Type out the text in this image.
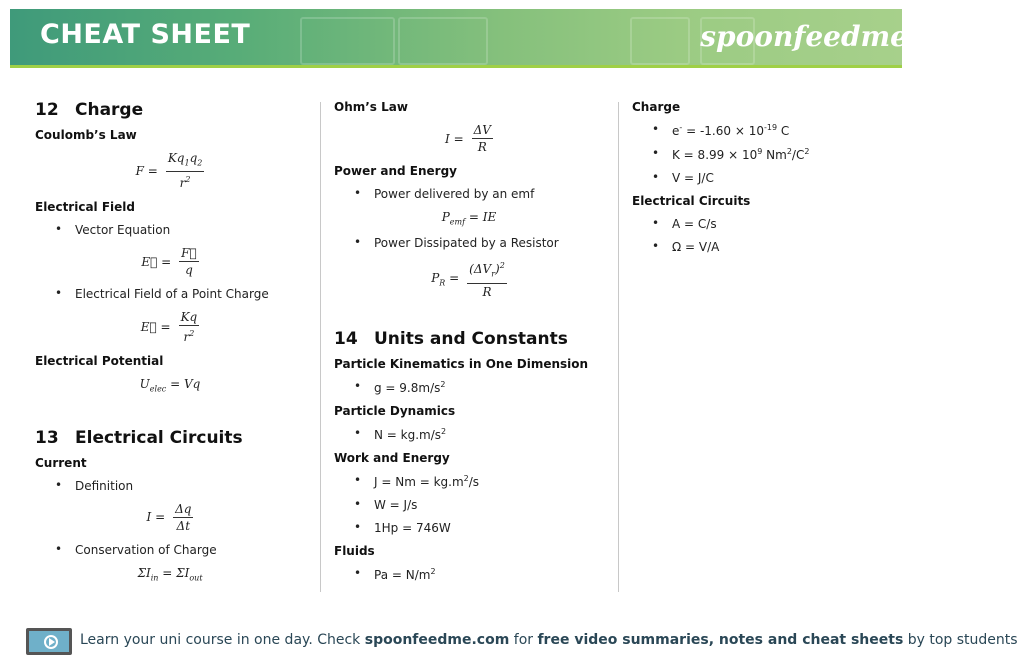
CHEAT SHEET	spoonfeedme
12 Charge
Coulomb’s Law
$F = \frac{Kq_1q_2}{r^2}$
Electrical Field
• Vector Equation
E⃗ = $\frac{F⃗}{q}$
• Electrical Field of a Point Charge
E⃗ = $\frac{Kq}{r^2}$
Electrical Potential
$U_{elec} = Vq$
13 Electrical Circuits
Current
• Definition
$I = \frac{\Delta q}{\Delta t}$
• Conservation of Charge
$\Sigma I_{in} = \Sigma I_{out}$
Ohm’s Law
$I = \frac{\Delta V}{R}$
Power and Energy
• Power delivered by an emf
$P_{emf}$ = IE
• Power Dissipated by a Resistor
$P_R = \frac{(\Delta V_r)^2}{R}$
14 Units and Constants
Particle Kinematics in One Dimension
• $g = 9.8m/s^2$
Particle Dynamics
• $N = kg.m/s^2$
Work and Energy
• $J = Nm = kg.m^2/s$
• W = J/s
• 1Hp = 746W
Fluids
• $Pa = N/m^2$
Charge
• $e^- = -1.60 \times 10^{-19}$ C
• $K = 8.99 \times 10^9$ $Nm^2/C^2$
• V = J/C
Electrical Circuits
• A = C/s
• Ω = V/A
Learn your uni course in one day. Check spoonfeedme.com for free video summaries, notes and cheat sheets by top students
